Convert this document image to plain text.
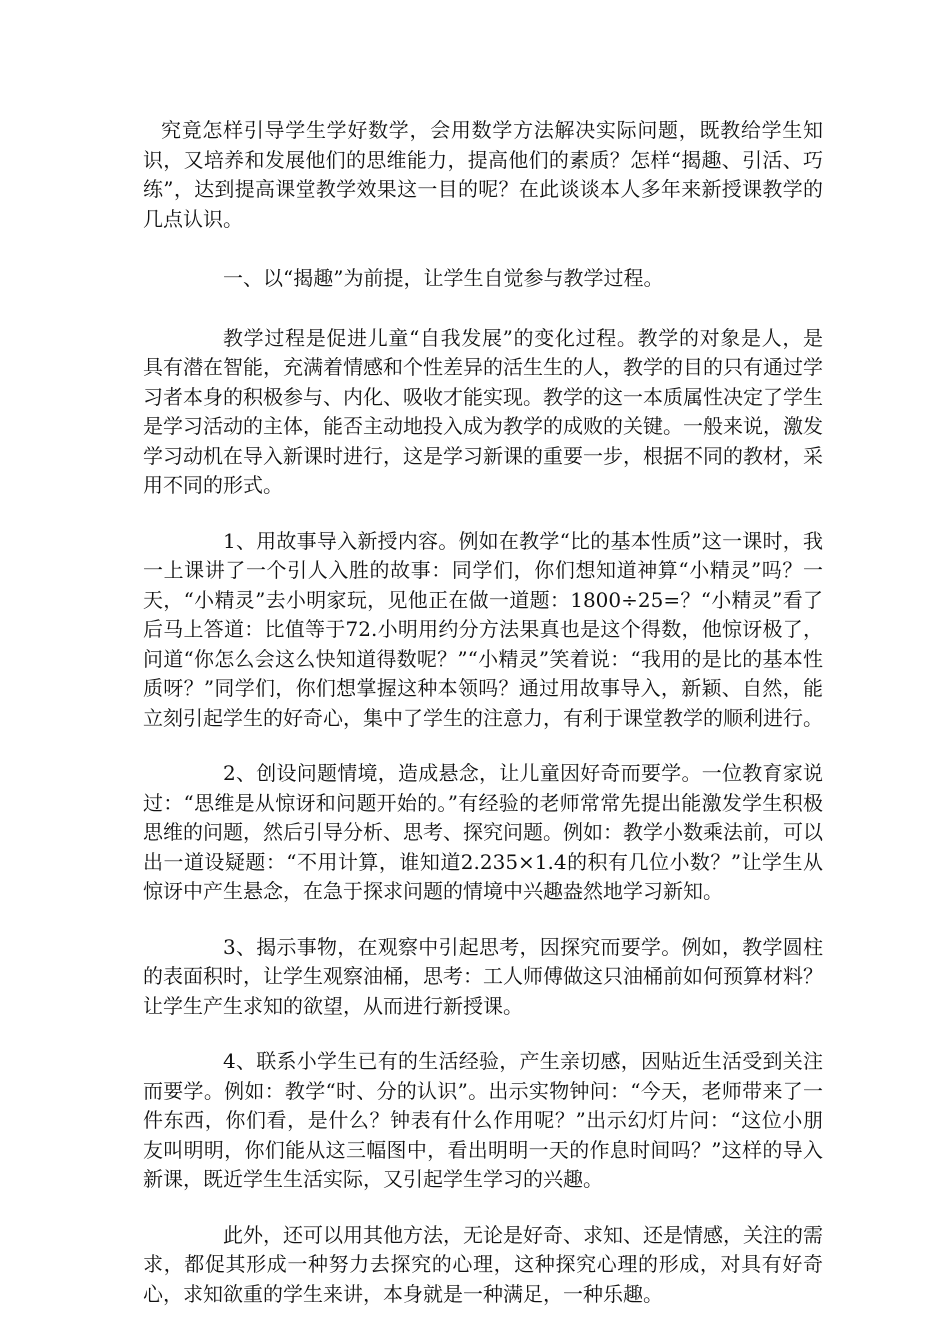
究竟怎样引导学生学好数学，会用数学方法解决实际问题，既教给学生知识，又培养和发展他们的思维能力，提高他们的素质？怎样“揭趣、引活、巧练”，达到提高课堂教学效果这一目的呢？在此谈谈本人多年来新授课教学的几点认识。

一、以“揭趣”为前提，让学生自觉参与教学过程。

教学过程是促进儿童“自我发展”的变化过程。教学的对象是人，是具有潜在智能，充满着情感和个性差异的活生生的人，教学的目的只有通过学习者本身的积极参与、内化、吸收才能实现。教学的这一本质属性决定了学生是学习活动的主体，能否主动地投入成为教学的成败的关键。一般来说，激发学习动机在导入新课时进行，这是学习新课的重要一步，根据不同的教材，采用不同的形式。

1、用故事导入新授内容。例如在教学“比的基本性质”这一课时，我一上课讲了一个引人入胜的故事：同学们，你们想知道神算“小精灵”吗？一天，“小精灵”去小明家玩，见他正在做一道题：1800÷25=？“小精灵”看了后马上答道：比值等于72.小明用约分方法果真也是这个得数，他惊讶极了，问道“你怎么会这么快知道得数呢？”“小精灵”笑着说：“我用的是比的基本性质呀？”同学们，你们想掌握这种本领吗？通过用故事导入，新颖、自然，能立刻引起学生的好奇心，集中了学生的注意力，有利于课堂教学的顺利进行。

2、创设问题情境，造成悬念，让儿童因好奇而要学。一位教育家说过：“思维是从惊讶和问题开始的。”有经验的老师常常先提出能激发学生积极思维的问题，然后引导分析、思考、探究问题。例如：教学小数乘法前，可以出一道设疑题：“不用计算，谁知道2.235×1.4的积有几位小数？”让学生从惊讶中产生悬念，在急于探求问题的情境中兴趣盎然地学习新知。

3、揭示事物，在观察中引起思考，因探究而要学。例如，教学圆柱的表面积时，让学生观察油桶，思考：工人师傅做这只油桶前如何预算材料？让学生产生求知的欲望，从而进行新授课。

4、联系小学生已有的生活经验，产生亲切感，因贴近生活受到关注而要学。例如：教学“时、分的认识”。出示实物钟问：“今天，老师带来了一件东西，你们看，是什么？钟表有什么作用呢？”出示幻灯片问：“这位小朋友叫明明，你们能从这三幅图中，看出明明一天的作息时间吗？”这样的导入新课，既近学生生活实际，又引起学生学习的兴趣。

此外，还可以用其他方法，无论是好奇、求知、还是情感，关注的需求，都促其形成一种努力去探究的心理，这种探究心理的形成，对具有好奇心，求知欲重的学生来讲，本身就是一种满足，一种乐趣。
